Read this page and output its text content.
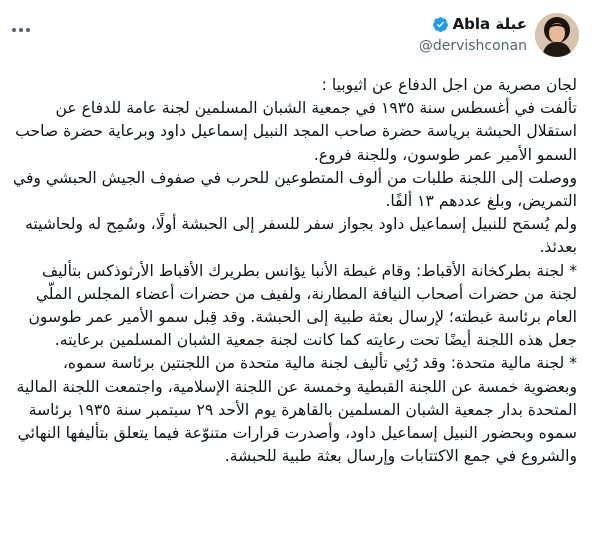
Abla عبلة
@dervishconan
لجان مصرية من اجل الدفاع عن اثيوبيا :
تألفت في أغسطس سنة ١٩٣٥ في جمعية الشبان المسلمين لجنة عامة للدفاع عن استقلال الحبشة برياسة حضرة صاحب المجد النبيل إسماعيل داود وبرعاية حضرة صاحب السمو الأمير عمر طوسون، وللجنة فروع.
ووصلت إلى اللجنة طلبات من ألوف المتطوعين للحرب في صفوف الجيش الحبشي وفي التمريض، وبلغ عددهم ١٣ ألفًا.
ولم يُسمَح للنبيل إسماعيل داود بجواز سفر للسفر إلى الحبشة أولًا، وسُمِح له ولحاشيته بعدئذ.
* لجنة بطركخانة الأقباط: وقام غبطة الأنبا يؤانس بطريرك الأقباط الأرثوذكس بتأليف لجنة من حضرات أصحاب النيافة المطارنة، ولفيف من حضرات أعضاء المجلس الملّي العام برئاسة غبطته؛ لإرسال بعثة طبية إلى الحبشة. وقد قِبل سمو الأمير عمر طوسون جعل هذه اللجنة أيضًا تحت رعايته كما كانت لجنة جمعية الشبان المسلمين برعايته.
* لجنة مالية متحدة: وقد رُئِي تأليف لجنة مالية متحدة من اللجنتين برئاسة سموه، وبعضوية خمسة عن اللجنة القبطية وخمسة عن اللجنة الإسلامية، واجتمعت اللجنة المالية المتحدة بدار جمعية الشبان المسلمين بالقاهرة يوم الأحد ٢٩ سبتمبر سنة ١٩٣٥ برئاسة سموه وبحضور النبيل إسماعيل داود، وأصدرت قرارات متنوّعة فيما يتعلق بتأليفها النهائي والشروع في جمع الاكتتابات وإرسال بعثة طبية للحبشة.
